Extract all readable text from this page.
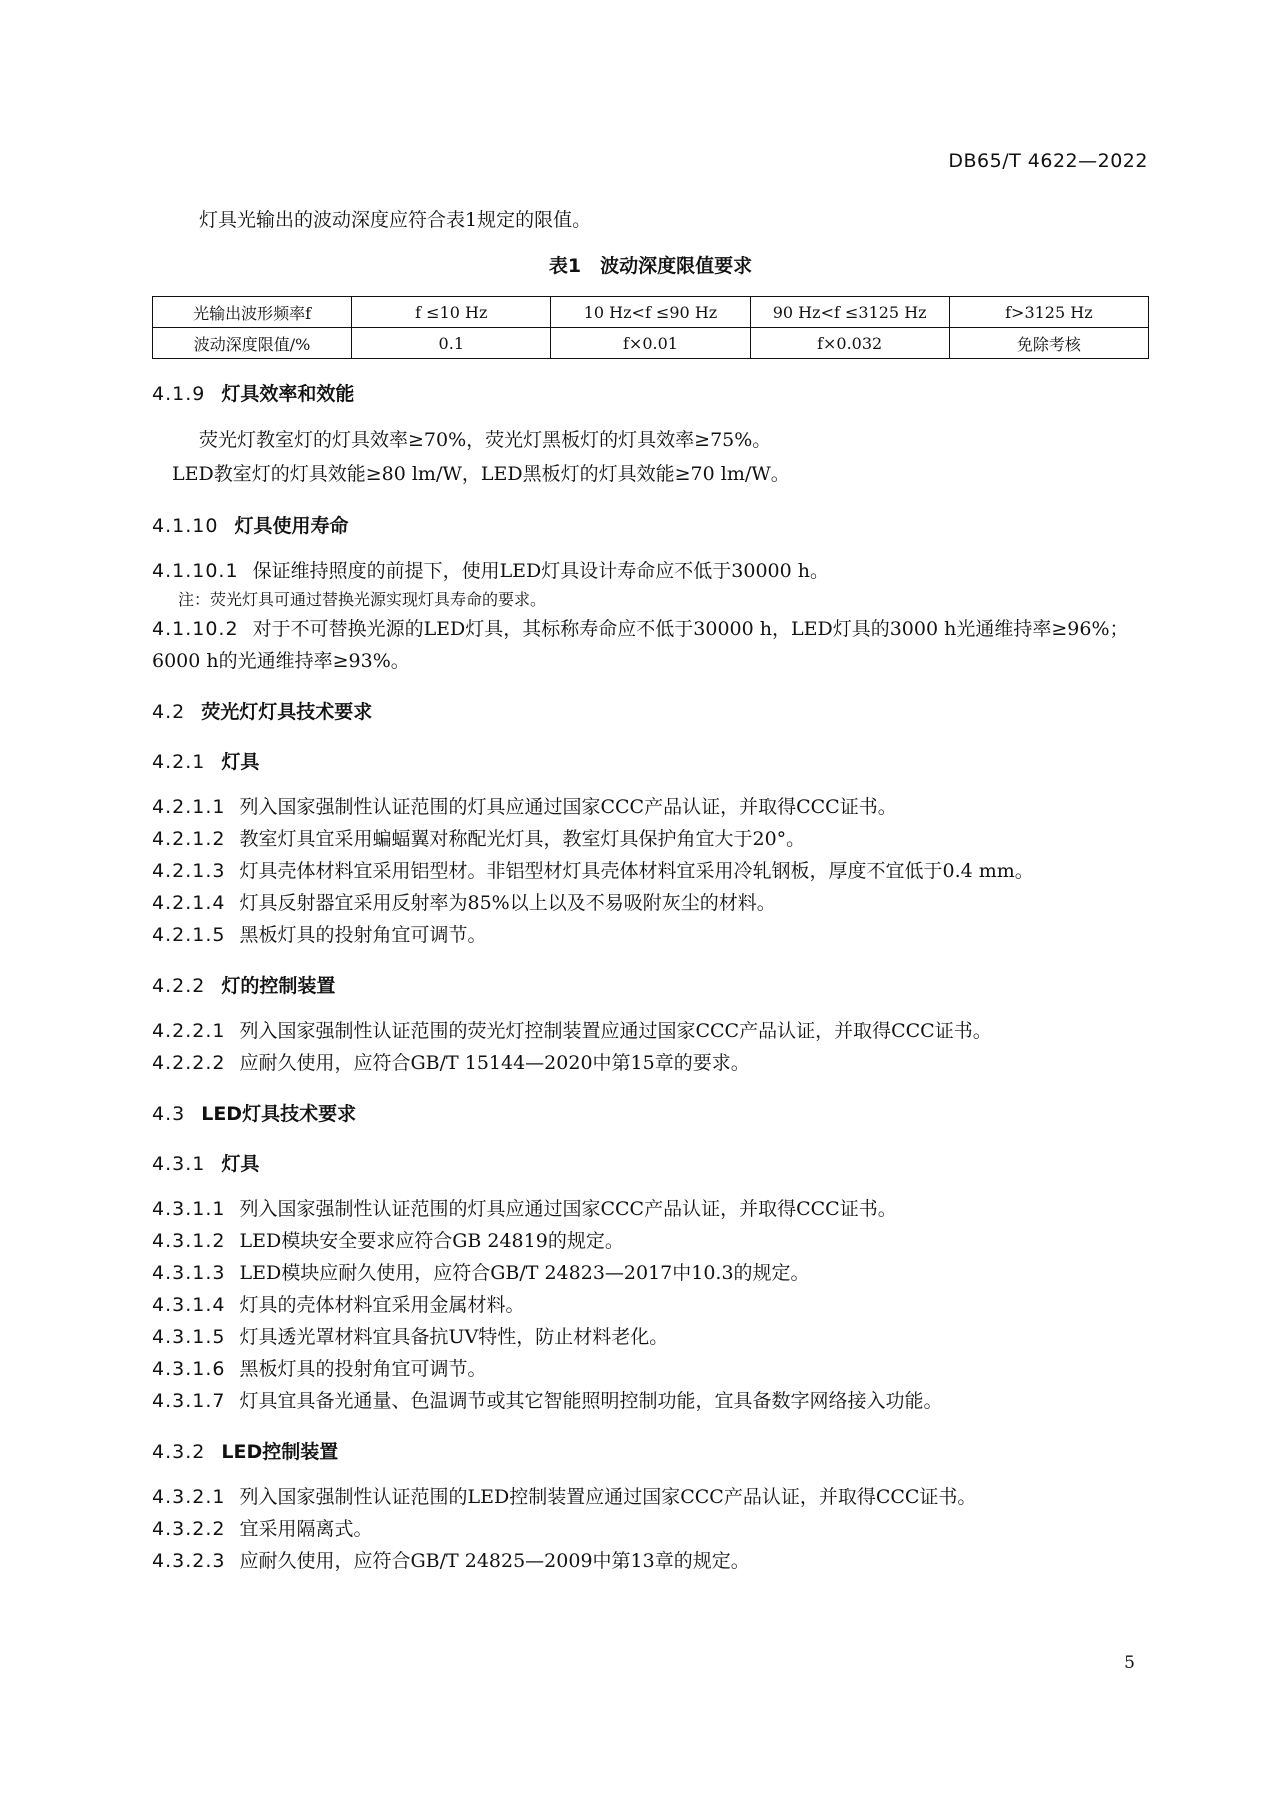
DB65/T 4622—2022

灯具光输出的波动深度应符合表1规定的限值。

表1　波动深度限值要求
光输出波形频率f	f ≤10 Hz	10 Hz<f ≤90 Hz	90 Hz<f ≤3125 Hz	f>3125 Hz
波动深度限值/%	0.1	f×0.01	f×0.032	免除考核
4.1.9 灯具效率和效能

荧光灯教室灯的灯具效率≥70%，荧光灯黑板灯的灯具效率≥75%。

LED教室灯的灯具效能≥80 lm/W，LED黑板灯的灯具效能≥70 lm/W。

4.1.10 灯具使用寿命

4.1.10.1 保证维持照度的前提下，使用LED灯具设计寿命应不低于30000 h。

注：荧光灯具可通过替换光源实现灯具寿命的要求。

4.1.10.2 对于不可替换光源的LED灯具，其标称寿命应不低于30000 h，LED灯具的3000 h光通维持率≥96%；6000 h的光通维持率≥93%。

4.2 荧光灯灯具技术要求
4.2.1 灯具

4.2.1.1 列入国家强制性认证范围的灯具应通过国家CCC产品认证，并取得CCC证书。

4.2.1.2 教室灯具宜采用蝙蝠翼对称配光灯具，教室灯具保护角宜大于20°。

4.2.1.3 灯具壳体材料宜采用铝型材。非铝型材灯具壳体材料宜采用冷轧钢板，厚度不宜低于0.4 mm。

4.2.1.4 灯具反射器宜采用反射率为85%以上以及不易吸附灰尘的材料。

4.2.1.5 黑板灯具的投射角宜可调节。

4.2.2 灯的控制装置

4.2.2.1 列入国家强制性认证范围的荧光灯控制装置应通过国家CCC产品认证，并取得CCC证书。

4.2.2.2 应耐久使用，应符合GB/T 15144—2020中第15章的要求。

4.3 LED灯具技术要求
4.3.1 灯具

4.3.1.1 列入国家强制性认证范围的灯具应通过国家CCC产品认证，并取得CCC证书。

4.3.1.2 LED模块安全要求应符合GB 24819的规定。

4.3.1.3 LED模块应耐久使用，应符合GB/T 24823—2017中10.3的规定。

4.3.1.4 灯具的壳体材料宜采用金属材料。

4.3.1.5 灯具透光罩材料宜具备抗UV特性，防止材料老化。

4.3.1.6 黑板灯具的投射角宜可调节。

4.3.1.7 灯具宜具备光通量、色温调节或其它智能照明控制功能，宜具备数字网络接入功能。

4.3.2 LED控制装置

4.3.2.1 列入国家强制性认证范围的LED控制装置应通过国家CCC产品认证，并取得CCC证书。

4.3.2.2 宜采用隔离式。

4.3.2.3 应耐久使用，应符合GB/T 24825—2009中第13章的规定。

5
